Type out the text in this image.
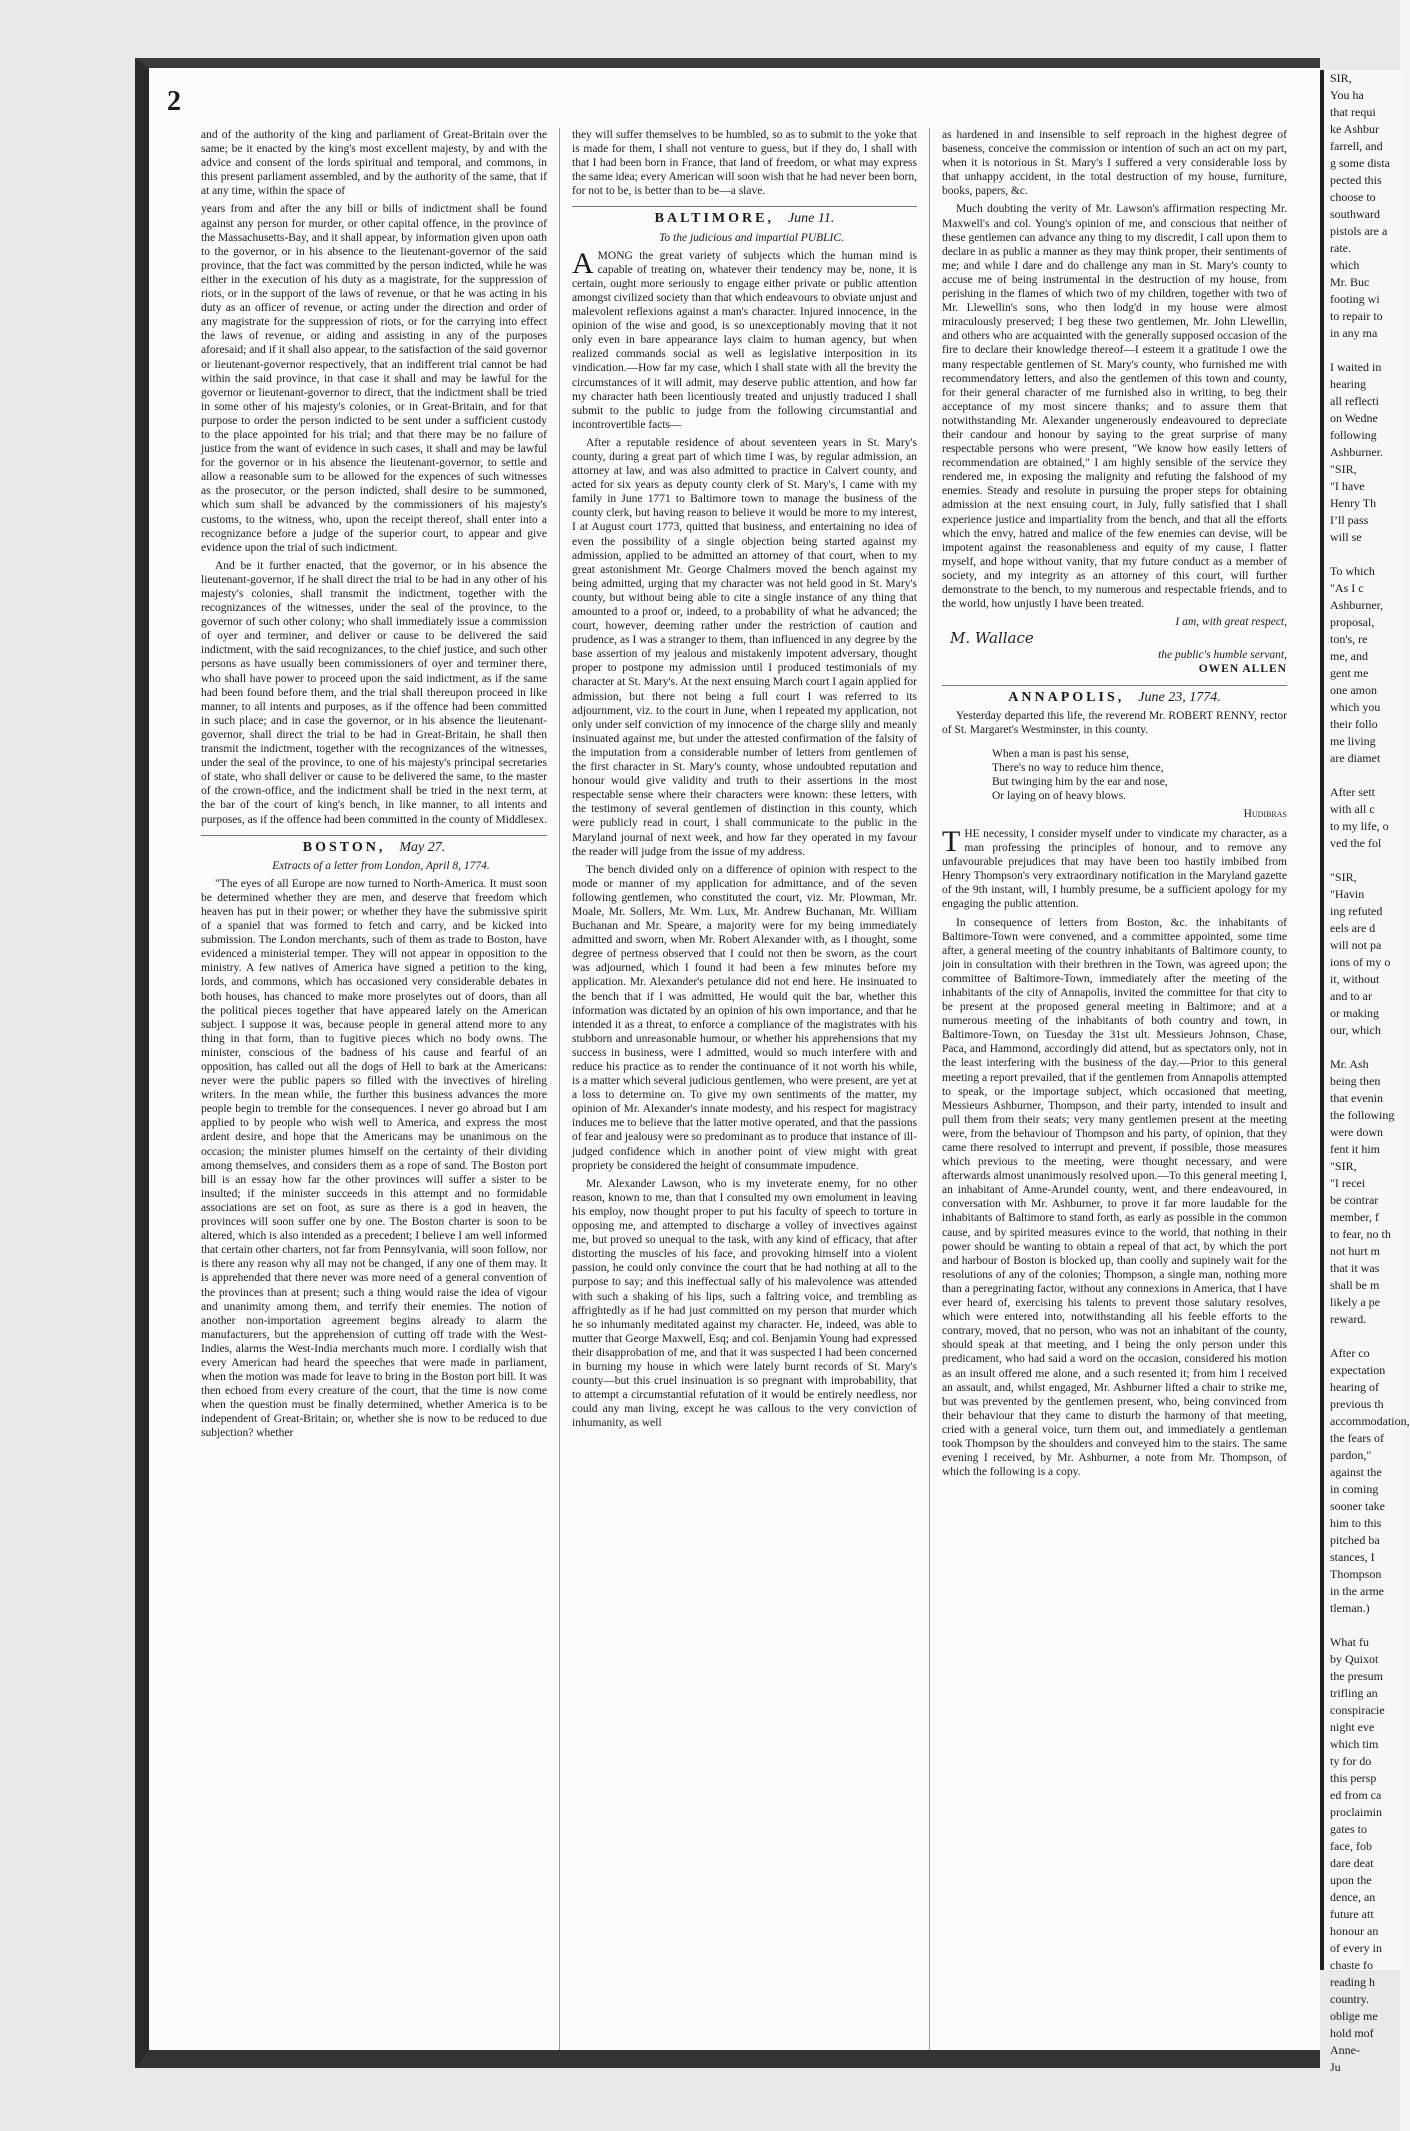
2

and of the authority of the king and parliament of Great-Britain over the same; be it enacted by the king's most excellent majesty, by and with the advice and consent of the lords spiritual and temporal, and commons, in this present parliament assembled, and by the authority of the same, that if at any time, within the space of

years from and after the any bill or bills of indictment shall be found against any person for murder, or other capital offence, in the province of the Massachusetts-Bay, and it shall appear, by information given upon oath to the governor, or in his absence to the lieutenant-governor of the said province, that the fact was committed by the person indicted, while he was either in the execution of his duty as a magistrate, for the suppression of riots, or in the support of the laws of revenue, or that he was acting in his duty as an officer of revenue, or acting under the direction and order of any magistrate for the suppression of riots, or for the carrying into effect the laws of revenue, or aiding and assisting in any of the purposes aforesaid; and if it shall also appear, to the satisfaction of the said governor or lieutenant-governor respectively, that an indifferent trial cannot be had within the said province, in that case it shall and may be lawful for the governor or lieutenant-governor to direct, that the indictment shall be tried in some other of his majesty's colonies, or in Great-Britain, and for that purpose to order the person indicted to be sent under a sufficient custody to the place appointed for his trial; and that there may be no failure of justice from the want of evidence in such cases, it shall and may be lawful for the governor or in his absence the lieutenant-governor, to settle and allow a reasonable sum to be allowed for the expences of such witnesses as the prosecutor, or the person indicted, shall desire to be summoned, which sum shall be advanced by the commissioners of his majesty's customs, to the witness, who, upon the receipt thereof, shall enter into a recognizance before a judge of the superior court, to appear and give evidence upon the trial of such indictment.

And be it further enacted, that the governor, or in his absence the lieutenant-governor, if he shall direct the trial to be had in any other of his majesty's colonies, shall transmit the indictment, together with the recognizances of the witnesses, under the seal of the province, to the governor of such other colony; who shall immediately issue a commission of oyer and terminer, and deliver or cause to be delivered the said indictment, with the said recognizances, to the chief justice, and such other persons as have usually been commissioners of oyer and terminer there, who shall have power to proceed upon the said indictment, as if the same had been found before them, and the trial shall thereupon proceed in like manner, to all intents and purposes, as if the offence had been committed in such place; and in case the governor, or in his absence the lieutenant-governor, shall direct the trial to be had in Great-Britain, he shall then transmit the indictment, together with the recognizances of the witnesses, under the seal of the province, to one of his majesty's principal secretaries of state, who shall deliver or cause to be delivered the same, to the master of the crown-office, and the indictment shall be tried in the next term, at the bar of the court of king's bench, in like manner, to all intents and purposes, as if the offence had been committed in the county of Middlesex.

BOSTON, May 27.

Extracts of a letter from London, April 8, 1774.

"The eyes of all Europe are now turned to North-America. It must soon be determined whether they are men, and deserve that freedom which heaven has put in their power; or whether they have the submissive spirit of a spaniel that was formed to fetch and carry, and be kicked into submission. The London merchants, such of them as trade to Boston, have evidenced a ministerial temper. They will not appear in opposition to the ministry. A few natives of America have signed a petition to the king, lords, and commons, which has occasioned very considerable debates in both houses, has chanced to make more proselytes out of doors, than all the political pieces together that have appeared lately on the American subject. I suppose it was, because people in general attend more to any thing in that form, than to fugitive pieces which no body owns. The minister, conscious of the badness of his cause and fearful of an opposition, has called out all the dogs of Hell to bark at the Americans: never were the public papers so filled with the invectives of hireling writers. In the mean while, the further this business advances the more people begin to tremble for the consequences. I never go abroad but I am applied to by people who wish well to America, and express the most ardent desire, and hope that the Americans may be unanimous on the occasion; the minister plumes himself on the certainty of their dividing among themselves, and considers them as a rope of sand. The Boston port bill is an essay how far the other provinces will suffer a sister to be insulted; if the minister succeeds in this attempt and no formidable associations are set on foot, as sure as there is a god in heaven, the provinces will soon suffer one by one. The Boston charter is soon to be altered, which is also intended as a precedent; I believe I am well informed that certain other charters, not far from Pennsylvania, will soon follow, nor is there any reason why all may not be changed, if any one of them may. It is apprehended that there never was more need of a general convention of the provinces than at present; such a thing would raise the idea of vigour and unanimity among them, and terrify their enemies. The notion of another non-importation agreement begins already to alarm the manufacturers, but the apprehension of cutting off trade with the West-Indies, alarms the West-India merchants much more. I cordially wish that every American had heard the speeches that were made in parliament, when the motion was made for leave to bring in the Boston port bill. It was then echoed from every creature of the court, that the time is now come when the question must be finally determined, whether America is to be independent of Great-Britain; or, whether she is now to be reduced to due subjection? whether

they will suffer themselves to be humbled, so as to submit to the yoke that is made for them, I shall not venture to guess, but if they do, I shall with that I had been born in France, that land of freedom, or what may express the same idea; every American will soon wish that he had never been born, for not to be, is better than to be—a slave.

BALTIMORE, June 11.

To the judicious and impartial PUBLIC.

AMONG the great variety of subjects which the human mind is capable of treating on, whatever their tendency may be, none, it is certain, ought more seriously to engage either private or public attention amongst civilized society than that which endeavours to obviate unjust and malevolent reflexions against a man's character. Injured innocence, in the opinion of the wise and good, is so unexceptionably moving that it not only even in bare appearance lays claim to human agency, but when realized commands social as well as legislative interposition in its vindication.—How far my case, which I shall state with all the brevity the circumstances of it will admit, may deserve public attention, and how far my character hath been licentiously treated and unjustly traduced I shall submit to the public to judge from the following circumstantial and incontrovertible facts—

After a reputable residence of about seventeen years in St. Mary's county, during a great part of which time I was, by regular admission, an attorney at law, and was also admitted to practice in Calvert county, and acted for six years as deputy county clerk of St. Mary's, I came with my family in June 1771 to Baltimore town to manage the business of the county clerk, but having reason to believe it would be more to my interest, I at August court 1773, quitted that business, and entertaining no idea of even the possibility of a single objection being started against my admission, applied to be admitted an attorney of that court, when to my great astonishment Mr. George Chalmers moved the bench against my being admitted, urging that my character was not held good in St. Mary's county, but without being able to cite a single instance of any thing that amounted to a proof or, indeed, to a probability of what he advanced; the court, however, deeming rather under the restriction of caution and prudence, as I was a stranger to them, than influenced in any degree by the base assertion of my jealous and mistakenly impotent adversary, thought proper to postpone my admission until I produced testimonials of my character at St. Mary's. At the next ensuing March court I again applied for admission, but there not being a full court I was referred to its adjournment, viz. to the court in June, when I repeated my application, not only under self conviction of my innocence of the charge slily and meanly insinuated against me, but under the attested confirmation of the falsity of the imputation from a considerable number of letters from gentlemen of the first character in St. Mary's county, whose undoubted reputation and honour would give validity and truth to their assertions in the most respectable sense where their characters were known: these letters, with the testimony of several gentlemen of distinction in this county, which were publicly read in court, I shall communicate to the public in the Maryland journal of next week, and how far they operated in my favour the reader will judge from the issue of my address.

The bench divided only on a difference of opinion with respect to the mode or manner of my application for admittance, and of the seven following gentlemen, who constituted the court, viz. Mr. Plowman, Mr. Moale, Mr. Sollers, Mr. Wm. Lux, Mr. Andrew Buchanan, Mr. William Buchanan and Mr. Speare, a majority were for my being immediately admitted and sworn, when Mr. Robert Alexander with, as I thought, some degree of pertness observed that I could not then be sworn, as the court was adjourned, which I found it had been a few minutes before my application. Mr. Alexander's petulance did not end here. He insinuated to the bench that if I was admitted, He would quit the bar, whether this information was dictated by an opinion of his own importance, and that he intended it as a threat, to enforce a compliance of the magistrates with his stubborn and unreasonable humour, or whether his apprehensions that my success in business, were I admitted, would so much interfere with and reduce his practice as to render the continuance of it not worth his while, is a matter which several judicious gentlemen, who were present, are yet at a loss to determine on. To give my own sentiments of the matter, my opinion of Mr. Alexander's innate modesty, and his respect for magistracy induces me to believe that the latter motive operated, and that the passions of fear and jealousy were so predominant as to produce that instance of ill-judged confidence which in another point of view might with great propriety be considered the height of consummate impudence.

Mr. Alexander Lawson, who is my inveterate enemy, for no other reason, known to me, than that I consulted my own emolument in leaving his employ, now thought proper to put his faculty of speech to torture in opposing me, and attempted to discharge a volley of invectives against me, but proved so unequal to the task, with any kind of efficacy, that after distorting the muscles of his face, and provoking himself into a violent passion, he could only convince the court that he had nothing at all to the purpose to say; and this ineffectual sally of his malevolence was attended with such a shaking of his lips, such a faltring voice, and trembling as affrightedly as if he had just committed on my person that murder which he so inhumanly meditated against my character. He, indeed, was able to mutter that George Maxwell, Esq; and col. Benjamin Young had expressed their disapprobation of me, and that it was suspected I had been concerned in burning my house in which were lately burnt records of St. Mary's county—but this cruel insinuation is so pregnant with improbability, that to attempt a circumstantial refutation of it would be entirely needless, nor could any man living, except he was callous to the very conviction of inhumanity, as well

as hardened in and insensible to self reproach in the highest degree of baseness, conceive the commission or intention of such an act on my part, when it is notorious in St. Mary's I suffered a very considerable loss by that unhappy accident, in the total destruction of my house, furniture, books, papers, &c.

Much doubting the verity of Mr. Lawson's affirmation respecting Mr. Maxwell's and col. Young's opinion of me, and conscious that neither of these gentlemen can advance any thing to my discredit, I call upon them to declare in as public a manner as they may think proper, their sentiments of me; and while I dare and do challenge any man in St. Mary's county to accuse me of being instrumental in the destruction of my house, from perishing in the flames of which two of my children, together with two of Mr. Llewellin's sons, who then lodg'd in my house were almost miraculously preserved; I beg these two gentlemen, Mr. John Llewellin, and others who are acquainted with the generally supposed occasion of the fire to declare their knowledge thereof—I esteem it a gratitude I owe the many respectable gentlemen of St. Mary's county, who furnished me with recommendatory letters, and also the gentlemen of this town and county, for their general character of me furnished also in writing, to beg their acceptance of my most sincere thanks; and to assure them that notwithstanding Mr. Alexander ungenerously endeavoured to depreciate their candour and honour by saying to the great surprise of many respectable persons who were present, "We know how easily letters of recommendation are obtained," I am highly sensible of the service they rendered me, in exposing the malignity and refuting the falshood of my enemies. Steady and resolute in pursuing the proper steps for obtaining admission at the next ensuing court, in July, fully satisfied that I shall experience justice and impartiality from the bench, and that all the efforts which the envy, hatred and malice of the few enemies can devise, will be impotent against the reasonableness and equity of my cause, I flatter myself, and hope without vanity, that my future conduct as a member of society, and my integrity as an attorney of this court, will further demonstrate to the bench, to my numerous and respectable friends, and to the world, how unjustly I have been treated.

I am, with great respect,
M. Wallace
the public's humble servant,
OWEN ALLEN
ANNAPOLIS, June 23, 1774.

Yesterday departed this life, the reverend Mr. ROBERT RENNY, rector of St. Margaret's Westminster, in this county.

When a man is past his sense,
There's no way to reduce him thence,
But twinging him by the ear and nose,
Or laying on of heavy blows.
Hudibras

THE necessity, I consider myself under to vindicate my character, as a man professing the principles of honour, and to remove any unfavourable prejudices that may have been too hastily imbibed from Henry Thompson's very extraordinary notification in the Maryland gazette of the 9th instant, will, I humbly presume, be a sufficient apology for my engaging the public attention.

In consequence of letters from Boston, &c. the inhabitants of Baltimore-Town were convened, and a committee appointed, some time after, a general meeting of the country inhabitants of Baltimore county, to join in consultation with their brethren in the Town, was agreed upon; the committee of Baltimore-Town, immediately after the meeting of the inhabitants of the city of Annapolis, invited the committee for that city to be present at the proposed general meeting in Baltimore; and at a numerous meeting of the inhabitants of both country and town, in Baltimore-Town, on Tuesday the 31st ult. Messieurs Johnson, Chase, Paca, and Hammond, accordingly did attend, but as spectators only, not in the least interfering with the business of the day.—Prior to this general meeting a report prevailed, that if the gentlemen from Annapolis attempted to speak, or the importage subject, which occasioned that meeting, Messieurs Ashburner, Thompson, and their party, intended to insult and pull them from their seats; very many gentlemen present at the meeting were, from the behaviour of Thompson and his party, of opinion, that they came there resolved to interrupt and prevent, if possible, those measures which previous to the meeting, were thought necessary, and were afterwards almost unanimously resolved upon.—To this general meeting I, an inhabitant of Anne-Arundel county, went, and there endeavoured, in conversation with Mr. Ashburner, to prove it far more laudable for the inhabitants of Baltimore to stand forth, as early as possible in the common cause, and by spirited measures evince to the world, that nothing in their power should be wanting to obtain a repeal of that act, by which the port and harbour of Boston is blocked up, than coolly and supinely wait for the resolutions of any of the colonies; Thompson, a single man, nothing more than a peregrinating factor, without any connexions in America, that I have ever heard of, exercising his talents to prevent those salutary resolves, which were entered into, notwithstanding all his feeble efforts to the contrary, moved, that no person, who was not an inhabitant of the county, should speak at that meeting, and I being the only person under this predicament, who had said a word on the occasion, considered his motion as an insult offered me alone, and a such resented it; from him I received an assault, and, whilst engaged, Mr. Ashburner lifted a chair to strike me, but was prevented by the gentlemen present, who, being convinced from their behaviour that they came to disturb the harmony of that meeting, cried with a general voice, turn them out, and immediately a gentleman took Thompson by the shoulders and conveyed him to the stairs. The same evening I received, by Mr. Ashburner, a note from Mr. Thompson, of which the following is a copy.

SIR,
You ha
that requi
ke Ashbur
farrell, and
g some dista
pected this
choose to
southward
pistols are a
rate.
which
Mr. Buc
footing wi
to repair to
in any ma

I waited in
hearing
all reflecti
on Wedne
following
Ashburner.
"SIR,
"I have
Henry Th
I’ll pass
will se

To which
"As I c
Ashburner,
proposal,
ton's, re
me, and
gent me
one amon
which you
their follo
me living
are diamet

After sett
with all c
to my life, o
ved the fol

"SIR,
"Havin
ing refuted
eels are d
will not pa
ions of my o
it, without
and to ar
or making
our, which

Mr. Ash
being then
that evenin
the following
were down
fent it him
"SIR,
"I recei
be contrar
member, f
to fear, no th
not hurt m
that it was
shall be m
likely a pe
reward.

After co
expectation
hearing of
previous th
accommodation,
the fears of
pardon,"
against the
in coming
sooner take
him to this
pitched ba
stances, I
Thompson
in the arme
tleman.)

What fu
by Quixot
the presum
trifling an
conspiracie
night eve
which tim
ty for do
this persp
ed from ca
proclaimin
gates to
face, fob
dare deat
upon the
dence, an
future att
honour an
of every in
chaste fo
reading h
country.
oblige me
hold mof
Anne-
Ju
